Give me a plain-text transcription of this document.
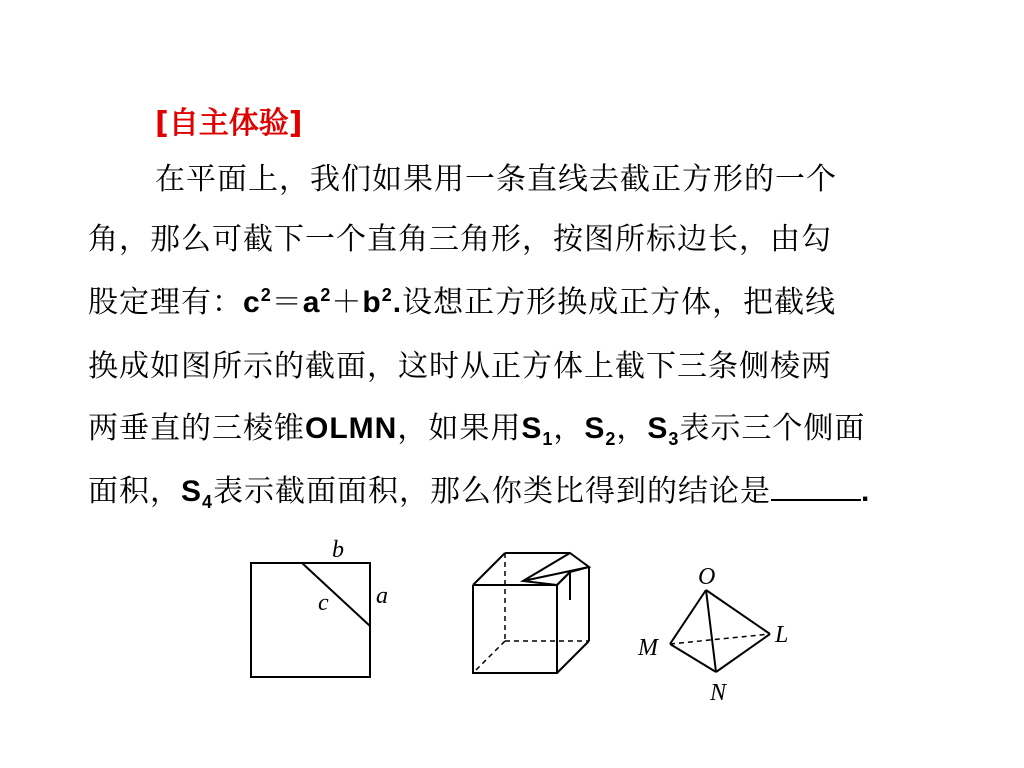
[自主体验]
在平面上，我们如果用一条直线去截正方形的一个
角，那么可截下一个直角三角形，按图所标边长，由勾
股定理有：$c^2=a^2+b^2$.设想正方形换成正方体，把截线
换成如图所示的截面，这时从正方体上截下三条侧棱两
两垂直的三棱锥OLMN，如果用$S_1$，$S_2$，$S_3$表示三个侧面
面积，$S_4$表示截面面积，那么你类比得到的结论是	.
b
c a
O
M	L
N
